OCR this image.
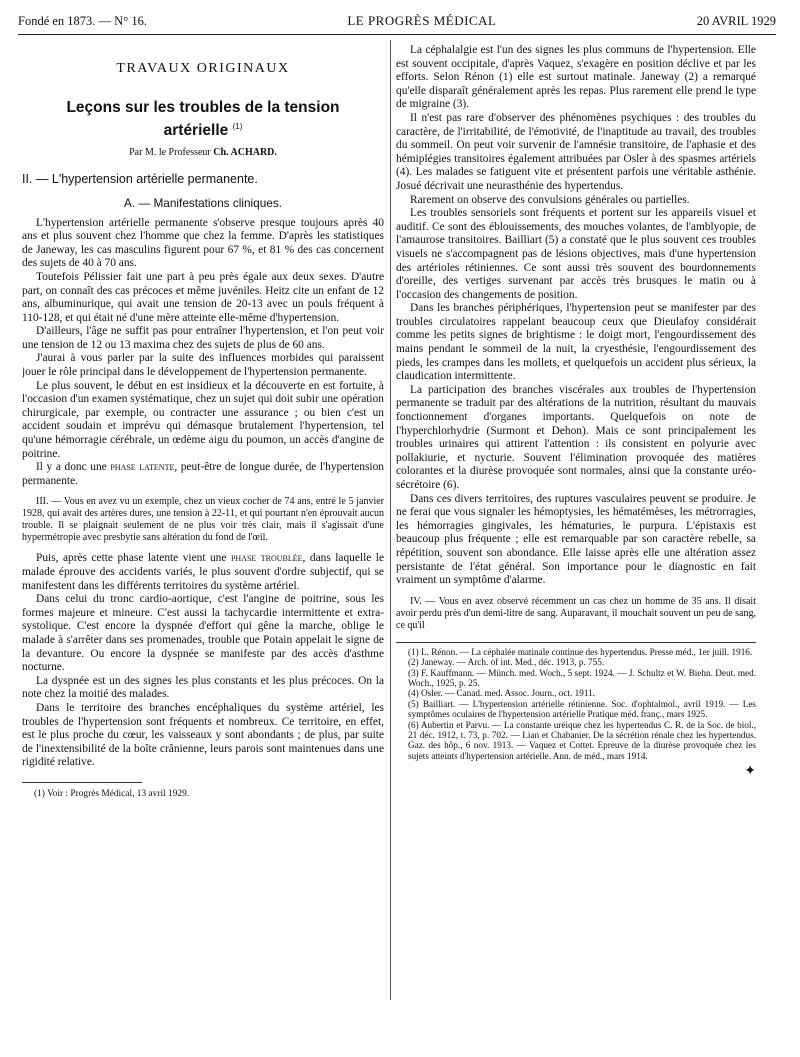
Fondé en 1873. — N° 16.	LE PROGRÈS MÉDICAL	20 AVRIL 1929
TRAVAUX ORIGINAUX
Leçons sur les troubles de la tension
artérielle $^{(1)}$
Par M. le Professeur Ch. ACHARD.
II. — L'hypertension artérielle permanente.
A. — Manifestations cliniques.

L'hypertension artérielle permanente s'observe presque toujours après 40 ans et plus souvent chez l'homme que chez la femme. D'après les statistiques de Janeway, les cas masculins figurent pour 67 %, et 81 % des cas concernent des sujets de 40 à 70 ans.

Toutefois Pélissier fait une part à peu près égale aux deux sexes. D'autre part, on connaît des cas précoces et même juvéniles. Heitz cite un enfant de 12 ans, albuminurique, qui avait une tension de 20-13 avec un pouls fréquent à 110-128, et qui était né d'une mère atteinte elle-même d'hypertension.

D'ailleurs, l'âge ne suffit pas pour entraîner l'hypertension, et l'on peut voir une tension de 12 ou 13 maxima chez des sujets de plus de 60 ans.

J'aurai à vous parler par la suite des influences morbides qui paraissent jouer le rôle principal dans le développement de l'hypertension permanente.

Le plus souvent, le début en est insidieux et la découverte en est fortuite, à l'occasion d'un examen systématique, chez un sujet qui doit subir une opération chirurgicale, par exemple, ou contracter une assurance ; ou bien c'est un accident soudain et imprévu qui démasque brutalement l'hypertension, tel qu'une hémorragie cérébrale, un œdème aigu du poumon, un accès d'angine de poitrine.

Il y a donc une phase latente, peut-être de longue durée, de l'hypertension permanente.

III. — Vous en avez vu un exemple, chez un vieux cocher de 74 ans, entré le 5 janvier 1928, qui avait des artères dures, une tension à 22-11, et qui pourtant n'en éprouvait aucun trouble. Il se plaignait seulement de ne plus voir très clair, mais il s'agissait d'une hypermétropie avec presbytie sans altération du fond de l'œil.

Puis, après cette phase latente vient une phase troublée, dans laquelle le malade éprouve des accidents variés, le plus souvent d'ordre subjectif, qui se manifestent dans les différents territoires du système artériel.

Dans celui du tronc cardio-aortique, c'est l'angine de poitrine, sous les formes majeure et mineure. C'est aussi la tachycardie intermittente et extra-systolique. C'est encore la dyspnée d'effort qui gêne la marche, oblige le malade à s'arrêter dans ses promenades, trouble que Potain appelait le signe de la devanture. Ou encore la dyspnée se manifeste par des accès d'asthme nocturne.

La dyspnée est un des signes les plus constants et les plus précoces. On la note chez la moitié des malades.

Dans le territoire des branches encéphaliques du système artériel, les troubles de l'hypertension sont fréquents et nombreux. Ce territoire, en effet, est le plus proche du cœur, les vaisseaux y sont abondants ; de plus, par suite de l'inextensibilité de la boîte crânienne, leurs parois sont maintenues dans une rigidité relative.

(1) Voir : Progrès Médical, 13 avril 1929.

La céphalalgie est l'un des signes les plus communs de l'hypertension. Elle est souvent occipitale, d'après Vaquez, s'exagère en position déclive et par les efforts. Selon Rénon (1) elle est surtout matinale. Janeway (2) a remarqué qu'elle disparaît généralement après les repas. Plus rarement elle prend le type de migraine (3).

Il n'est pas rare d'observer des phénomènes psychiques : des troubles du caractère, de l'irritabilité, de l'émotivité, de l'inaptitude au travail, des troubles du sommeil. On peut voir survenir de l'amnésie transitoire, de l'aphasie et des hémiplégies transitoires également attribuées par Osler à des spasmes artériels (4). Les malades se fatiguent vite et présentent parfois une véritable asthénie. Josué décrivait une neurasthénie des hypertendus.

Rarement on observe des convulsions générales ou partielles.

Les troubles sensoriels sont fréquents et portent sur les appareils visuel et auditif. Ce sont des éblouissements, des mouches volantes, de l'amblyopie, de l'amaurose transitoires. Bailliart (5) a constaté que le plus souvent ces troubles visuels ne s'accompagnent pas de lésions objectives, mais d'une hypertension des artérioles rétiniennes. Ce sont aussi très souvent des bourdonnements d'oreille, des vertiges survenant par accès très brusques le matin ou à l'occasion des changements de position.

Dans les branches périphériques, l'hypertension peut se manifester par des troubles circulatoires rappelant beaucoup ceux que Dieulafoy considérait comme les petits signes de brightisme : le doigt mort, l'engourdissement des mains pendant le sommeil de la nuit, la cryesthésie, l'engourdissement des pieds, les crampes dans les mollets, et quelquefois un accident plus sérieux, la claudication intermittente.

La participation des branches viscérales aux troubles de l'hypertension permanente se traduit par des altérations de la nutrition, résultant du mauvais fonctionnement d'organes importants. Quelquefois on note de l'hyperchlorhydrie (Surmont et Dehon). Mais ce sont principalement les troubles urinaires qui attirent l'attention : ils consistent en polyurie avec pollakiurie, et nycturie. Souvent l'élimination provoquée des matières colorantes et la diurèse provoquée sont normales, ainsi que la constante uréo-sécrétoire (6).

Dans ces divers territoires, des ruptures vasculaires peuvent se produire. Je ne ferai que vous signaler les hémoptysies, les hématémèses, les métrorragies, les hémorragies gingivales, les hématuries, le purpura. L'épistaxis est beaucoup plus fréquente ; elle est remarquable par son caractère rebelle, sa répétition, souvent son abondance. Elle laisse après elle une altération assez persistante de l'état général. Son importance pour le diagnostic en fait vraiment un symptôme d'alarme.

IV. — Vous en avez observé récemment un cas chez un homme de 35 ans. Il disait avoir perdu près d'un demi-litre de sang. Auparavant, il mouchait souvent un peu de sang, ce qu'il

(1) L. Rénon. — La céphalée matinale continue des hypertendus. Presse méd., 1er juill. 1916.

(2) Janeway. — Arch. of int. Med., déc. 1913, p. 755.

(3) F. Kauffmann. — Münch. med. Woch., 5 sept. 1924. — J. Schultz et W. Biehn. Deut. med. Woch., 1925, p. 25.

(4) Osler. — Canad. med. Assoc. Journ., oct. 1911.

(5) Bailliart. — L'hypertension artérielle rétinienne. Soc. d'ophtalmol., avril 1919. — Les symptômes oculaires de l'hypertension artérielle Pratique méd. franç., mars 1925.

(6) Aubertin et Parvu. — La constante uréique chez les hypertendus C. R. de la Soc. de biol., 21 déc. 1912, t. 73, p. 702. — Lian et Chabanier. De la sécrétion rénale chez les hypertendus. Gaz. des hôp., 6 nov. 1913. — Vaquez et Cottet. Epreuve de la diurèse provoquée chez les sujets atteints d'hypertension artérielle. Ann. de méd., mars 1914.

✦
